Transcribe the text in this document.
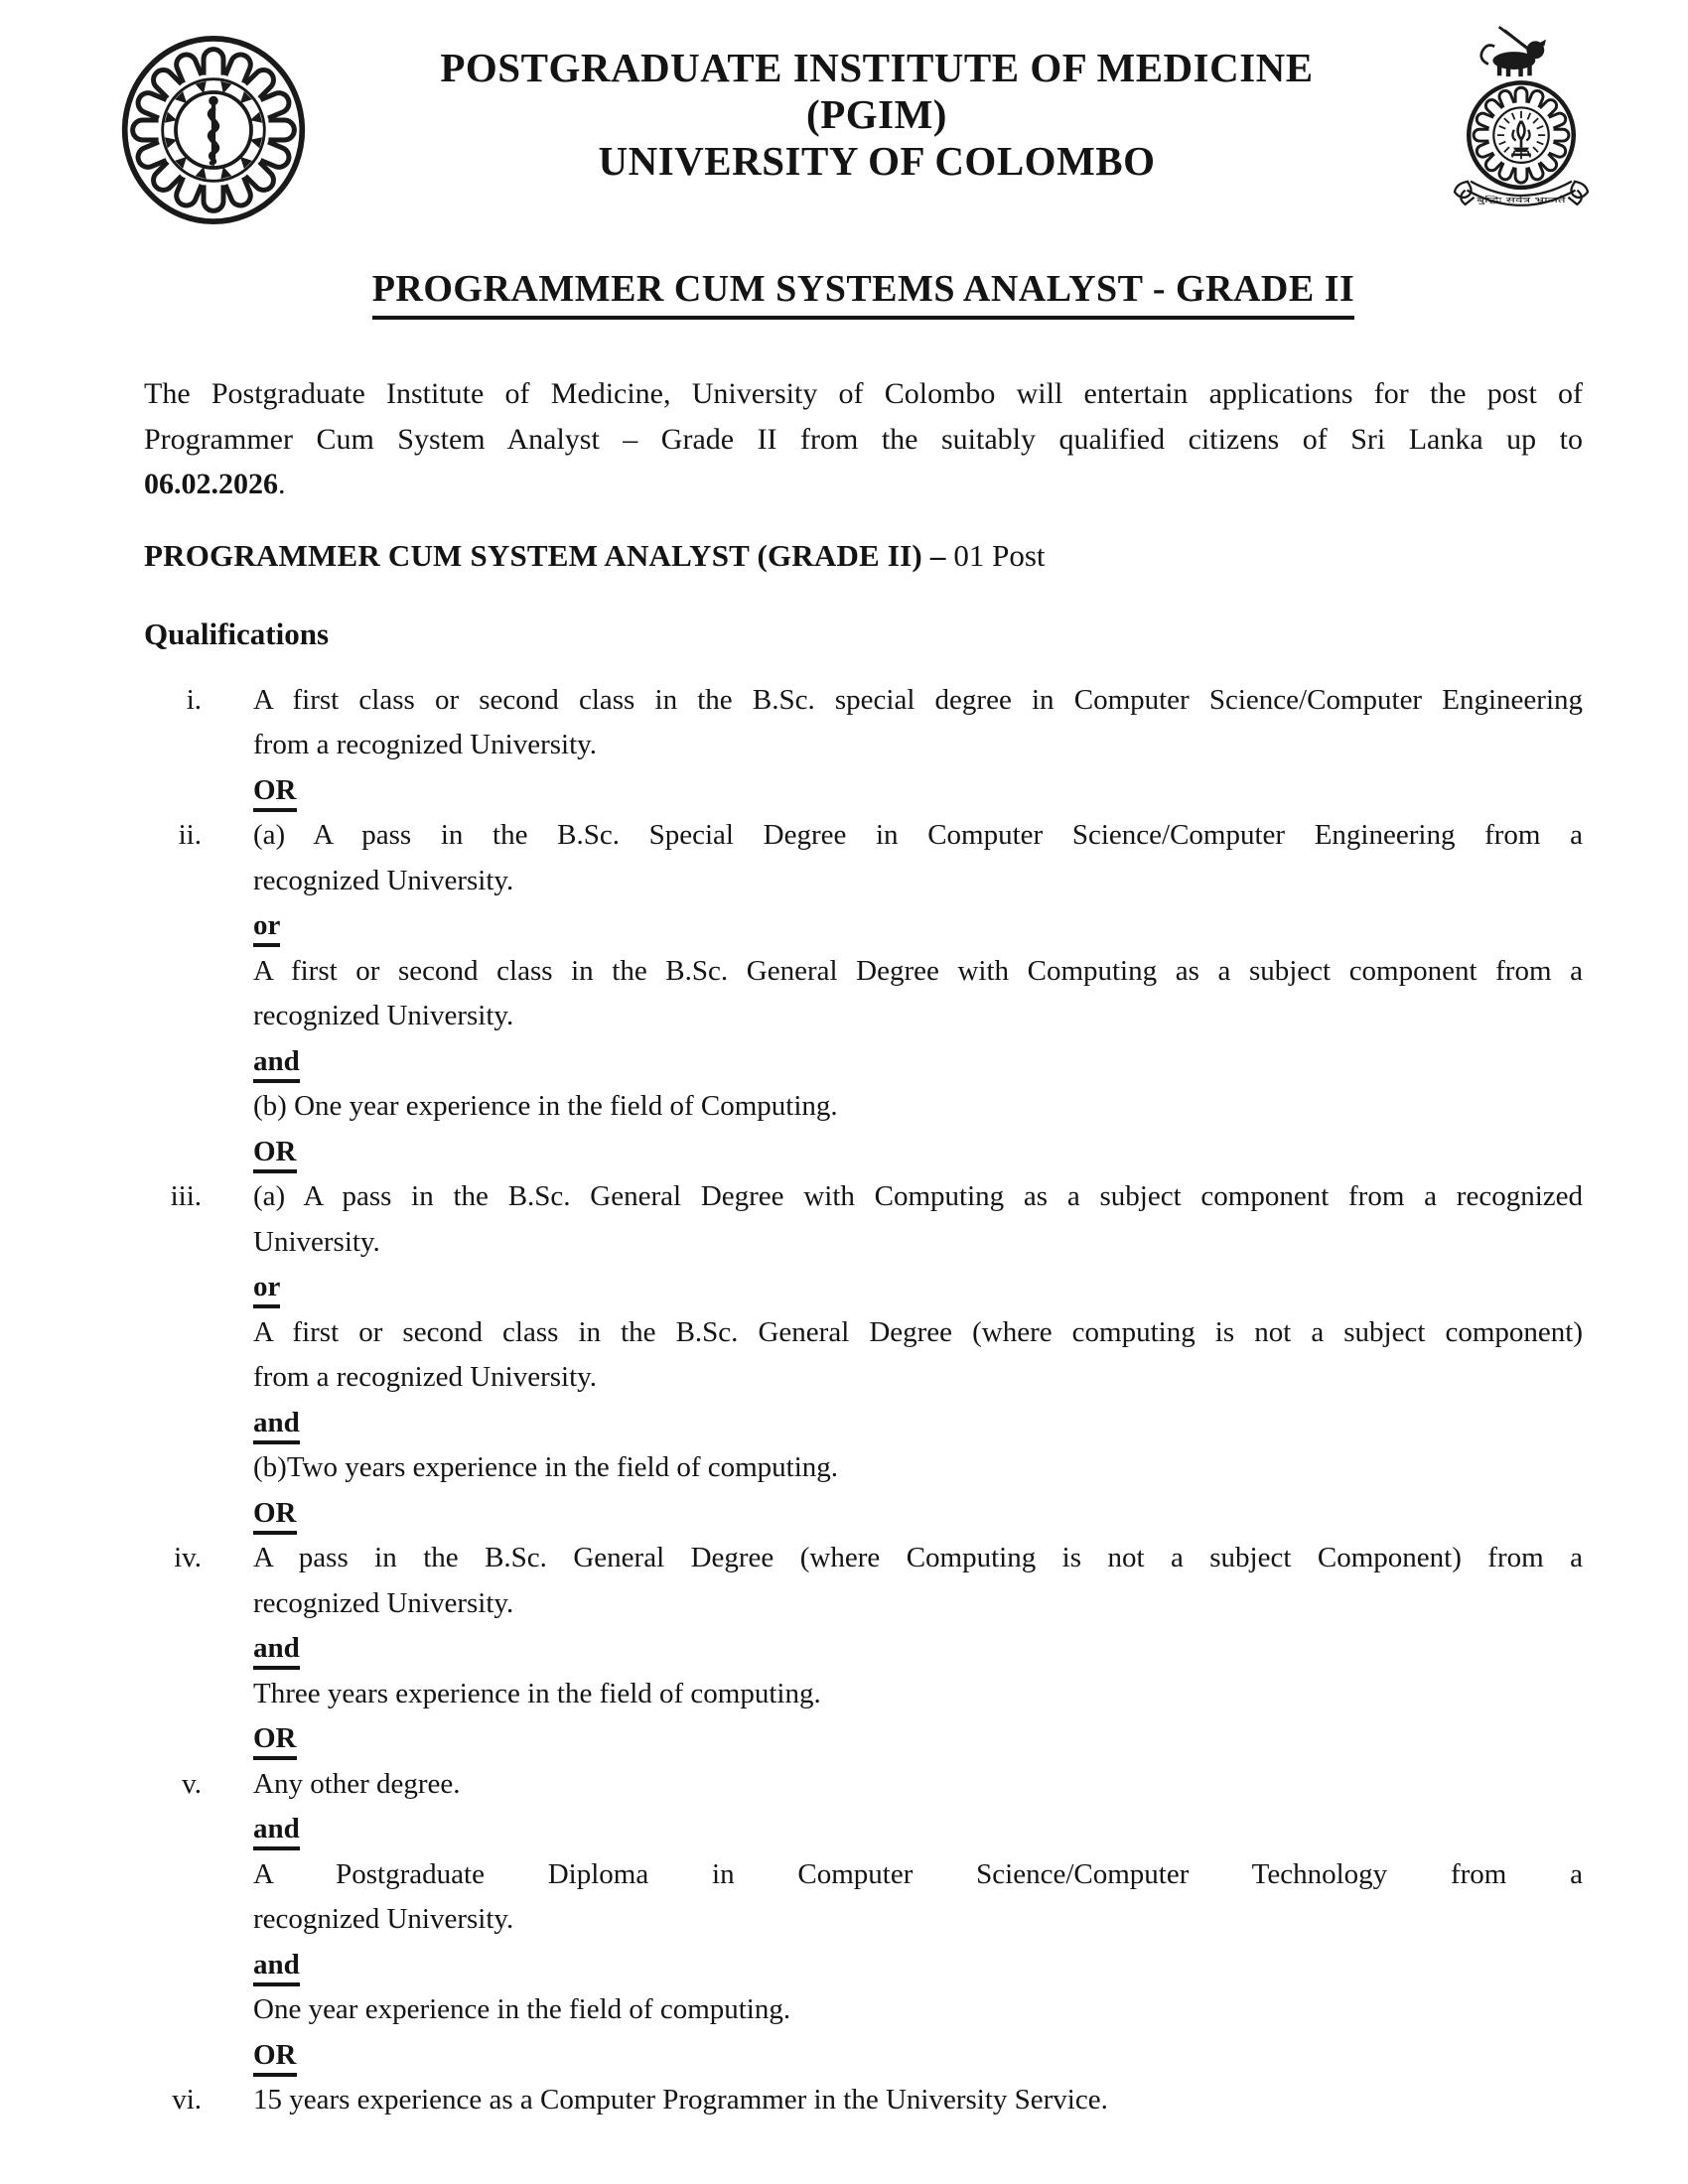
POSTGRADUATE INSTITUTE OF MEDICINE
(PGIM)
UNIVERSITY OF COLOMBO
बुद्धिः सर्वत्र भ्राजते
PROGRAMMER CUM SYSTEMS ANALYST - GRADE II
The Postgraduate Institute of Medicine, University of Colombo will entertain applications for the post of
Programmer Cum System Analyst – Grade II from the suitably qualified citizens of Sri Lanka up to
06.02.2026.
PROGRAMMER CUM SYSTEM ANALYST (GRADE II) – 01 Post
Qualifications
i. A first class or second class in the B.Sc. special degree in Computer Science/Computer Engineering
from a recognized University.
OR
ii. (a) A pass in the B.Sc. Special Degree in Computer Science/Computer Engineering from a
recognized University.
or
A first or second class in the B.Sc. General Degree with Computing as a subject component from a
recognized University.
and
(b) One year experience in the field of Computing.
OR
iii. (a) A pass in the B.Sc. General Degree with Computing as a subject component from a recognized
University.
or
A first or second class in the B.Sc. General Degree (where computing is not a subject component)
from a recognized University.
and
(b)Two years experience in the field of computing.
OR
iv. A pass in the B.Sc. General Degree (where Computing is not a subject Component) from a
recognized University.
and
Three years experience in the field of computing.
OR
v. Any other degree.
and
A Postgraduate Diploma in Computer Science/Computer Technology from a
recognized University.
and
One year experience in the field of computing.
OR
vi. 15 years experience as a Computer Programmer in the University Service.
